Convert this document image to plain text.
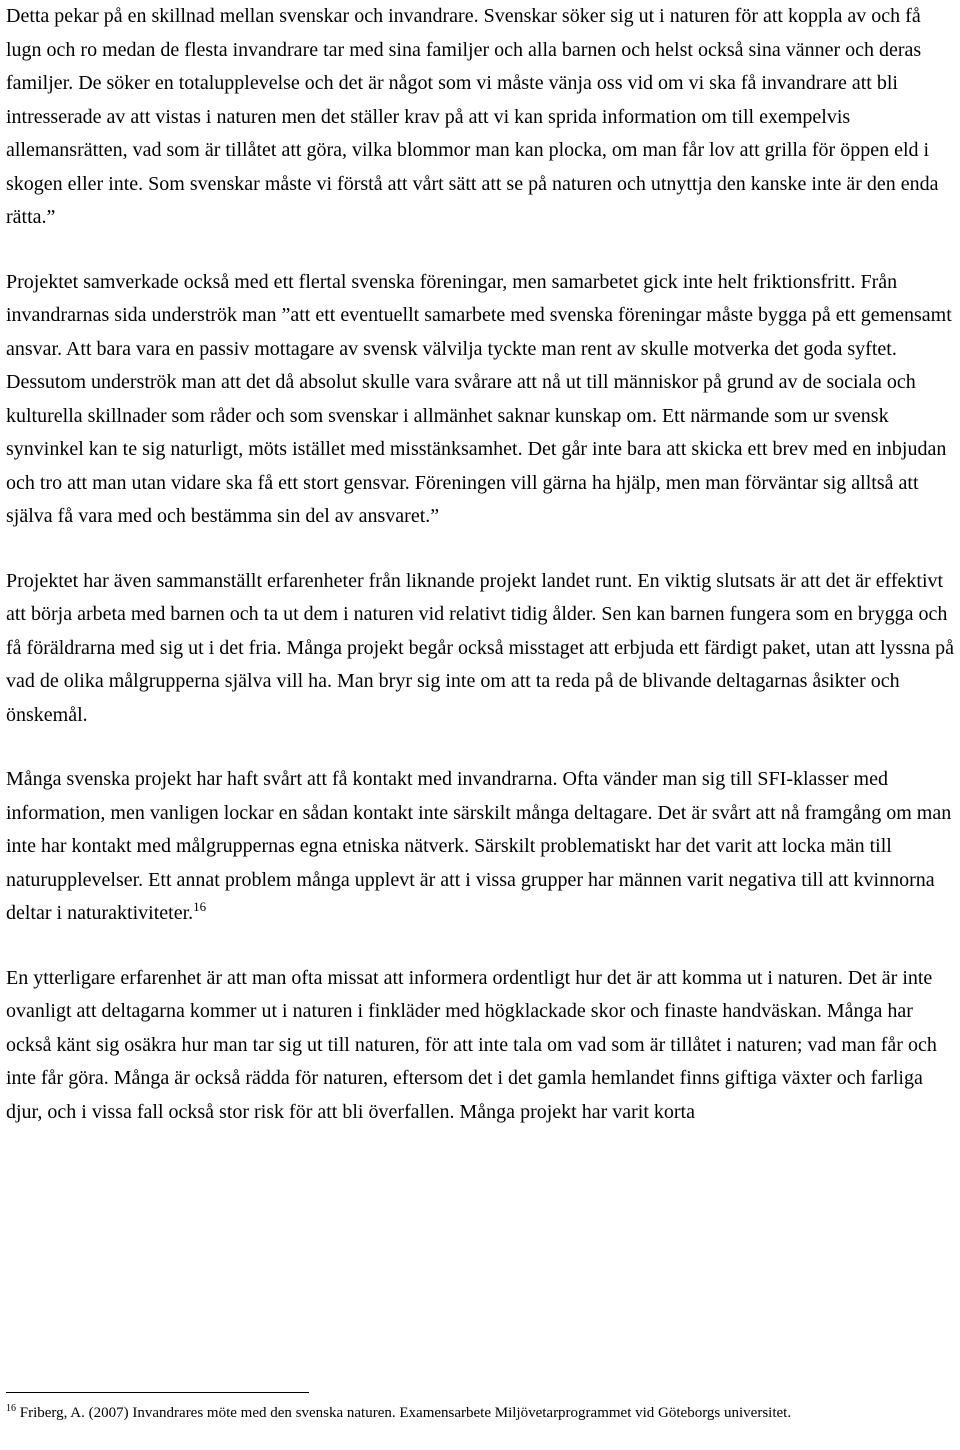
Detta pekar på en skillnad mellan svenskar och invandrare. Svenskar söker sig ut i naturen för att koppla av och få lugn och ro medan de flesta invandrare tar med sina familjer och alla barnen och helst också sina vänner och deras familjer. De söker en totalupplevelse och det är något som vi måste vänja oss vid om vi ska få invandrare att bli intresserade av att vistas i naturen men det ställer krav på att vi kan sprida information om till exempelvis allemansrätten, vad som är tillåtet att göra, vilka blommor man kan plocka, om man får lov att grilla för öppen eld i skogen eller inte. Som svenskar måste vi förstå att vårt sätt att se på naturen och utnyttja den kanske inte är den enda rätta.”

Projektet samverkade också med ett flertal svenska föreningar, men samarbetet gick inte helt friktionsfritt. Från invandrarnas sida underströk man ”att ett eventuellt samarbete med svenska föreningar måste bygga på ett gemensamt ansvar. Att bara vara en passiv mottagare av svensk välvilja tyckte man rent av skulle motverka det goda syftet. Dessutom underströk man att det då absolut skulle vara svårare att nå ut till människor på grund av de sociala och kulturella skillnader som råder och som svenskar i allmänhet saknar kunskap om. Ett närmande som ur svensk synvinkel kan te sig naturligt, möts istället med misstänksamhet. Det går inte bara att skicka ett brev med en inbjudan och tro att man utan vidare ska få ett stort gensvar. Föreningen vill gärna ha hjälp, men man förväntar sig alltså att själva få vara med och bestämma sin del av ansvaret.”

Projektet har även sammanställt erfarenheter från liknande projekt landet runt. En viktig slutsats är att det är effektivt att börja arbeta med barnen och ta ut dem i naturen vid relativt tidig ålder. Sen kan barnen fungera som en brygga och få föräldrarna med sig ut i det fria. Många projekt begår också misstaget att erbjuda ett färdigt paket, utan att lyssna på vad de olika målgrupperna själva vill ha. Man bryr sig inte om att ta reda på de blivande deltagarnas åsikter och önskemål.

Många svenska projekt har haft svårt att få kontakt med invandrarna. Ofta vänder man sig till SFI-klasser med information, men vanligen lockar en sådan kontakt inte särskilt många deltagare. Det är svårt att nå framgång om man inte har kontakt med målgruppernas egna etniska nätverk. Särskilt problematiskt har det varit att locka män till naturupplevelser. Ett annat problem många upplevt är att i vissa grupper har männen varit negativa till att kvinnorna deltar i naturaktiviteter.$^{16}$

En ytterligare erfarenhet är att man ofta missat att informera ordentligt hur det är att komma ut i naturen. Det är inte ovanligt att deltagarna kommer ut i naturen i finkläder med högklackade skor och finaste handväskan. Många har också känt sig osäkra hur man tar sig ut till naturen, för att inte tala om vad som är tillåtet i naturen; vad man får och inte får göra. Många är också rädda för naturen, eftersom det i det gamla hemlandet finns giftiga växter och farliga djur, och i vissa fall också stor risk för att bli överfallen. Många projekt har varit korta

$^{16}$ Friberg, A. (2007) Invandrares möte med den svenska naturen. Examensarbete Miljövetarprogrammet vid Göteborgs universitet.
